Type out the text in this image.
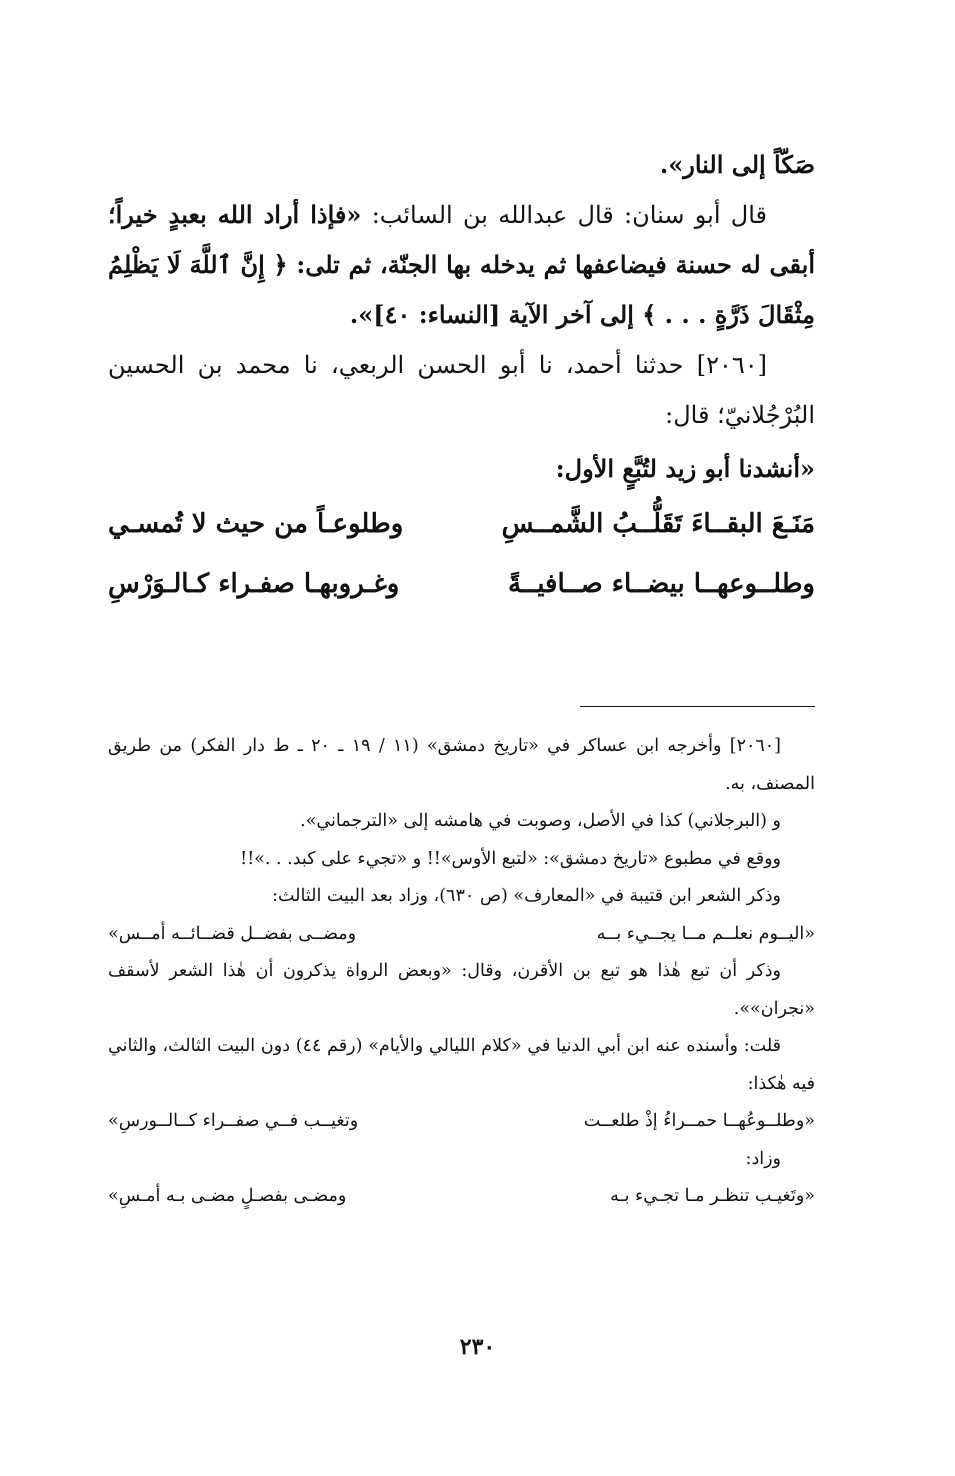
صَكّاً إلى النار».

قال أبو سنان: قال عبدالله بن السائب: «فإذا أراد الله بعبدٍ خيراً؛ أبقى له حسنة فيضاعفها ثم يدخله بها الجنّة، ثم تلى: ﴿ إِنَّ ٱللَّهَ لَا يَظْلِمُ مِثْقَالَ ذَرَّةٍ . . . ﴾ إلى آخر الآية [النساء: ٤٠]».

[٢٠٦٠] حدثنا أحمد، نا أبو الحسن الربعي، نا محمد بن الحسين البُرْجُلانيّ؛ قال:

«أنشدنا أبو زيد لتُبَّعٍ الأول:
مَنَـعَ البقــاءَ تَقَلُّــبُ الشَّمــسِ
وطلوعـاً من حيث لا تُمسـي
وطلــوعهــا بيضــاء صــافيــةً
وغـروبهـا صفـراء كـالـوَرْسِ

[٢٠٦٠] وأخرجه ابن عساكر في «تاريخ دمشق» (١١ / ١٩ ـ ٢٠ ـ ط دار الفكر) من طريق المصنف، به.

و (البرجلاني) كذا في الأصل، وصوبت في هامشه إلى «الترجماني».

ووقع في مطبوع «تاريخ دمشق»: «لتبع الأوس»!! و «تجيء على كبد. . .»!!

وذكر الشعر ابن قتيبة في «المعارف» (ص ٦٣٠)، وزاد بعد البيت الثالث:

«اليــوم نعلــم مــا يجــيء بــه
ومضــى بفضــل قضــائــه أمــس»

وذكر أن تبع هٰذا هو تبع بن الأقرن، وقال: «وبعض الرواة يذكرون أن هٰذا الشعر لأسقف «نجران»».

قلت: وأسنده عنه ابن أبي الدنيا في «كلام الليالي والأيام» (رقم ٤٤) دون البيت الثالث، والثاني فيه هٰكذا:

«وطلــوعُهــا حمــراءُ إذْ طلعــت
وتغيــب فــي صفــراء كــالــورسِ»

وزاد:

«وتَغيـب تنظـر مـا تجـيء بـه
ومضـى بفصـلٍ مضـى بـه أمـسِ»
٢٣٠
